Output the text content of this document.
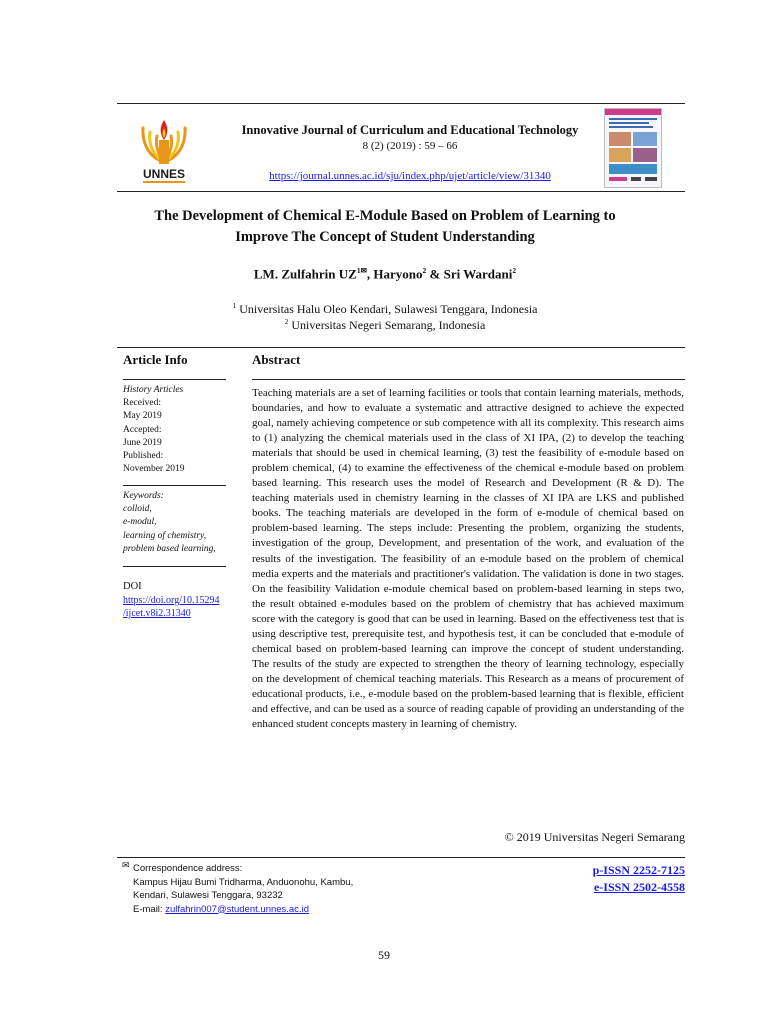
UNNES
Innovative Journal of Curriculum and Educational Technology
8 (2) (2019) : 59 – 66
https://journal.unnes.ac.id/sju/index.php/ujet/article/view/31340
The Development of Chemical E-Module Based on Problem of Learning to
Improve The Concept of Student Understanding
LM. Zulfahrin $UZ^{1✉}$, Haryono$^2$ & Sri Wardani$^2$
$^1$ Universitas Halu Oleo Kendari, Sulawesi Tenggara, Indonesia
$^2$ Universitas Negeri Semarang, Indonesia
Article Info
History Articles
Received:
May 2019
Accepted:
June 2019
Published:
November 2019
Keywords:
colloid,
e-modul,
learning of chemistry,
problem based learning,
DOI
https://doi.org/10.15294
/ijcet.v8i2.31340
Abstract
Teaching materials are a set of learning facilities or tools that contain learning materials, methods, boundaries, and how to evaluate a systematic and attractive designed to achieve the expected goal, namely achieving competence or sub competence with all its complexity. This research aims to (1) analyzing the chemical materials used in the class of XI IPA, (2) to develop the teaching materials that should be used in chemical learning, (3) test the feasibility of e-module based on problem chemical, (4) to examine the effectiveness of the chemical e-module based on problem based learning. This research uses the model of Research and Development (R & D). The teaching materials used in chemistry learning in the classes of XI IPA are LKS and published books. The teaching materials are developed in the form of e-module of chemical based on problem-based learning. The steps include: Presenting the problem, organizing the students, investigation of the group, Development, and presentation of the work, and evaluation of the results of the investigation. The feasibility of an e-module based on the problem of chemical media experts and the materials and practitioner's validation. The validation is done in two stages. On the feasibility Validation e-module chemical based on problem-based learning in steps two, the result obtained e-modules based on the problem of chemistry that has achieved maximum score with the category is good that can be used in learning. Based on the effectiveness test that is using descriptive test, prerequisite test, and hypothesis test, it can be concluded that e-module of chemical based on problem-based learning can improve the concept of student understanding. The results of the study are expected to strengthen the theory of learning technology, especially on the development of chemical teaching materials. This Research as a means of procurement of educational products, i.e., e-module based on the problem-based learning that is flexible, efficient and effective, and can be used as a source of reading capable of providing an understanding of the enhanced student concepts mastery in learning of chemistry.
© 2019 Universitas Negeri Semarang
✉ Correspondence address:
Kampus Hijau Bumi Tridharma, Anduonohu, Kambu,
Kendari, Sulawesi Tenggara, 93232
E-mail: zulfahrin007@student.unnes.ac.id
p-ISSN 2252-7125
e-ISSN 2502-4558
59
